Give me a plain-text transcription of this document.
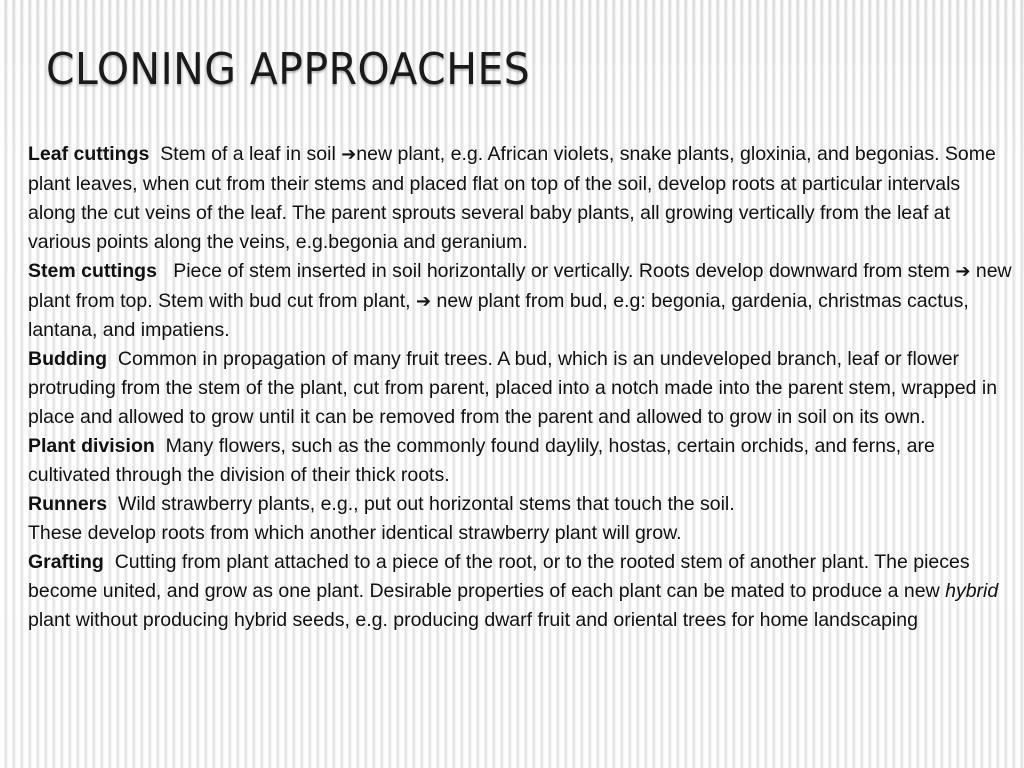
CLONING APPROACHES

Leaf cuttings Stem of a leaf in soil ➔new plant, e.g. African violets, snake plants, gloxinia, and begonias. Some plant leaves, when cut from their stems and placed flat on top of the soil, develop roots at particular intervals along the cut veins of the leaf. The parent sprouts several baby plants, all growing vertically from the leaf at various points along the veins, e.g.begonia and geranium.

Stem cuttings Piece of stem inserted in soil horizontally or vertically. Roots develop downward from stem ➔ new plant from top. Stem with bud cut from plant, ➔ new plant from bud, e.g: begonia, gardenia, christmas cactus, lantana, and impatiens.

Budding Common in propagation of many fruit trees. A bud, which is an undeveloped branch, leaf or flower protruding from the stem of the plant, cut from parent, placed into a notch made into the parent stem, wrapped in place and allowed to grow until it can be removed from the parent and allowed to grow in soil on its own.

Plant division Many flowers, such as the commonly found daylily, hostas, certain orchids, and ferns, are cultivated through the division of their thick roots.

Runners Wild strawberry plants, e.g., put out horizontal stems that touch the soil.

These develop roots from which another identical strawberry plant will grow.

Grafting Cutting from plant attached to a piece of the root, or to the rooted stem of another plant. The pieces become united, and grow as one plant. Desirable properties of each plant can be mated to produce a new hybrid plant without producing hybrid seeds, e.g. producing dwarf fruit and oriental trees for home landscaping
